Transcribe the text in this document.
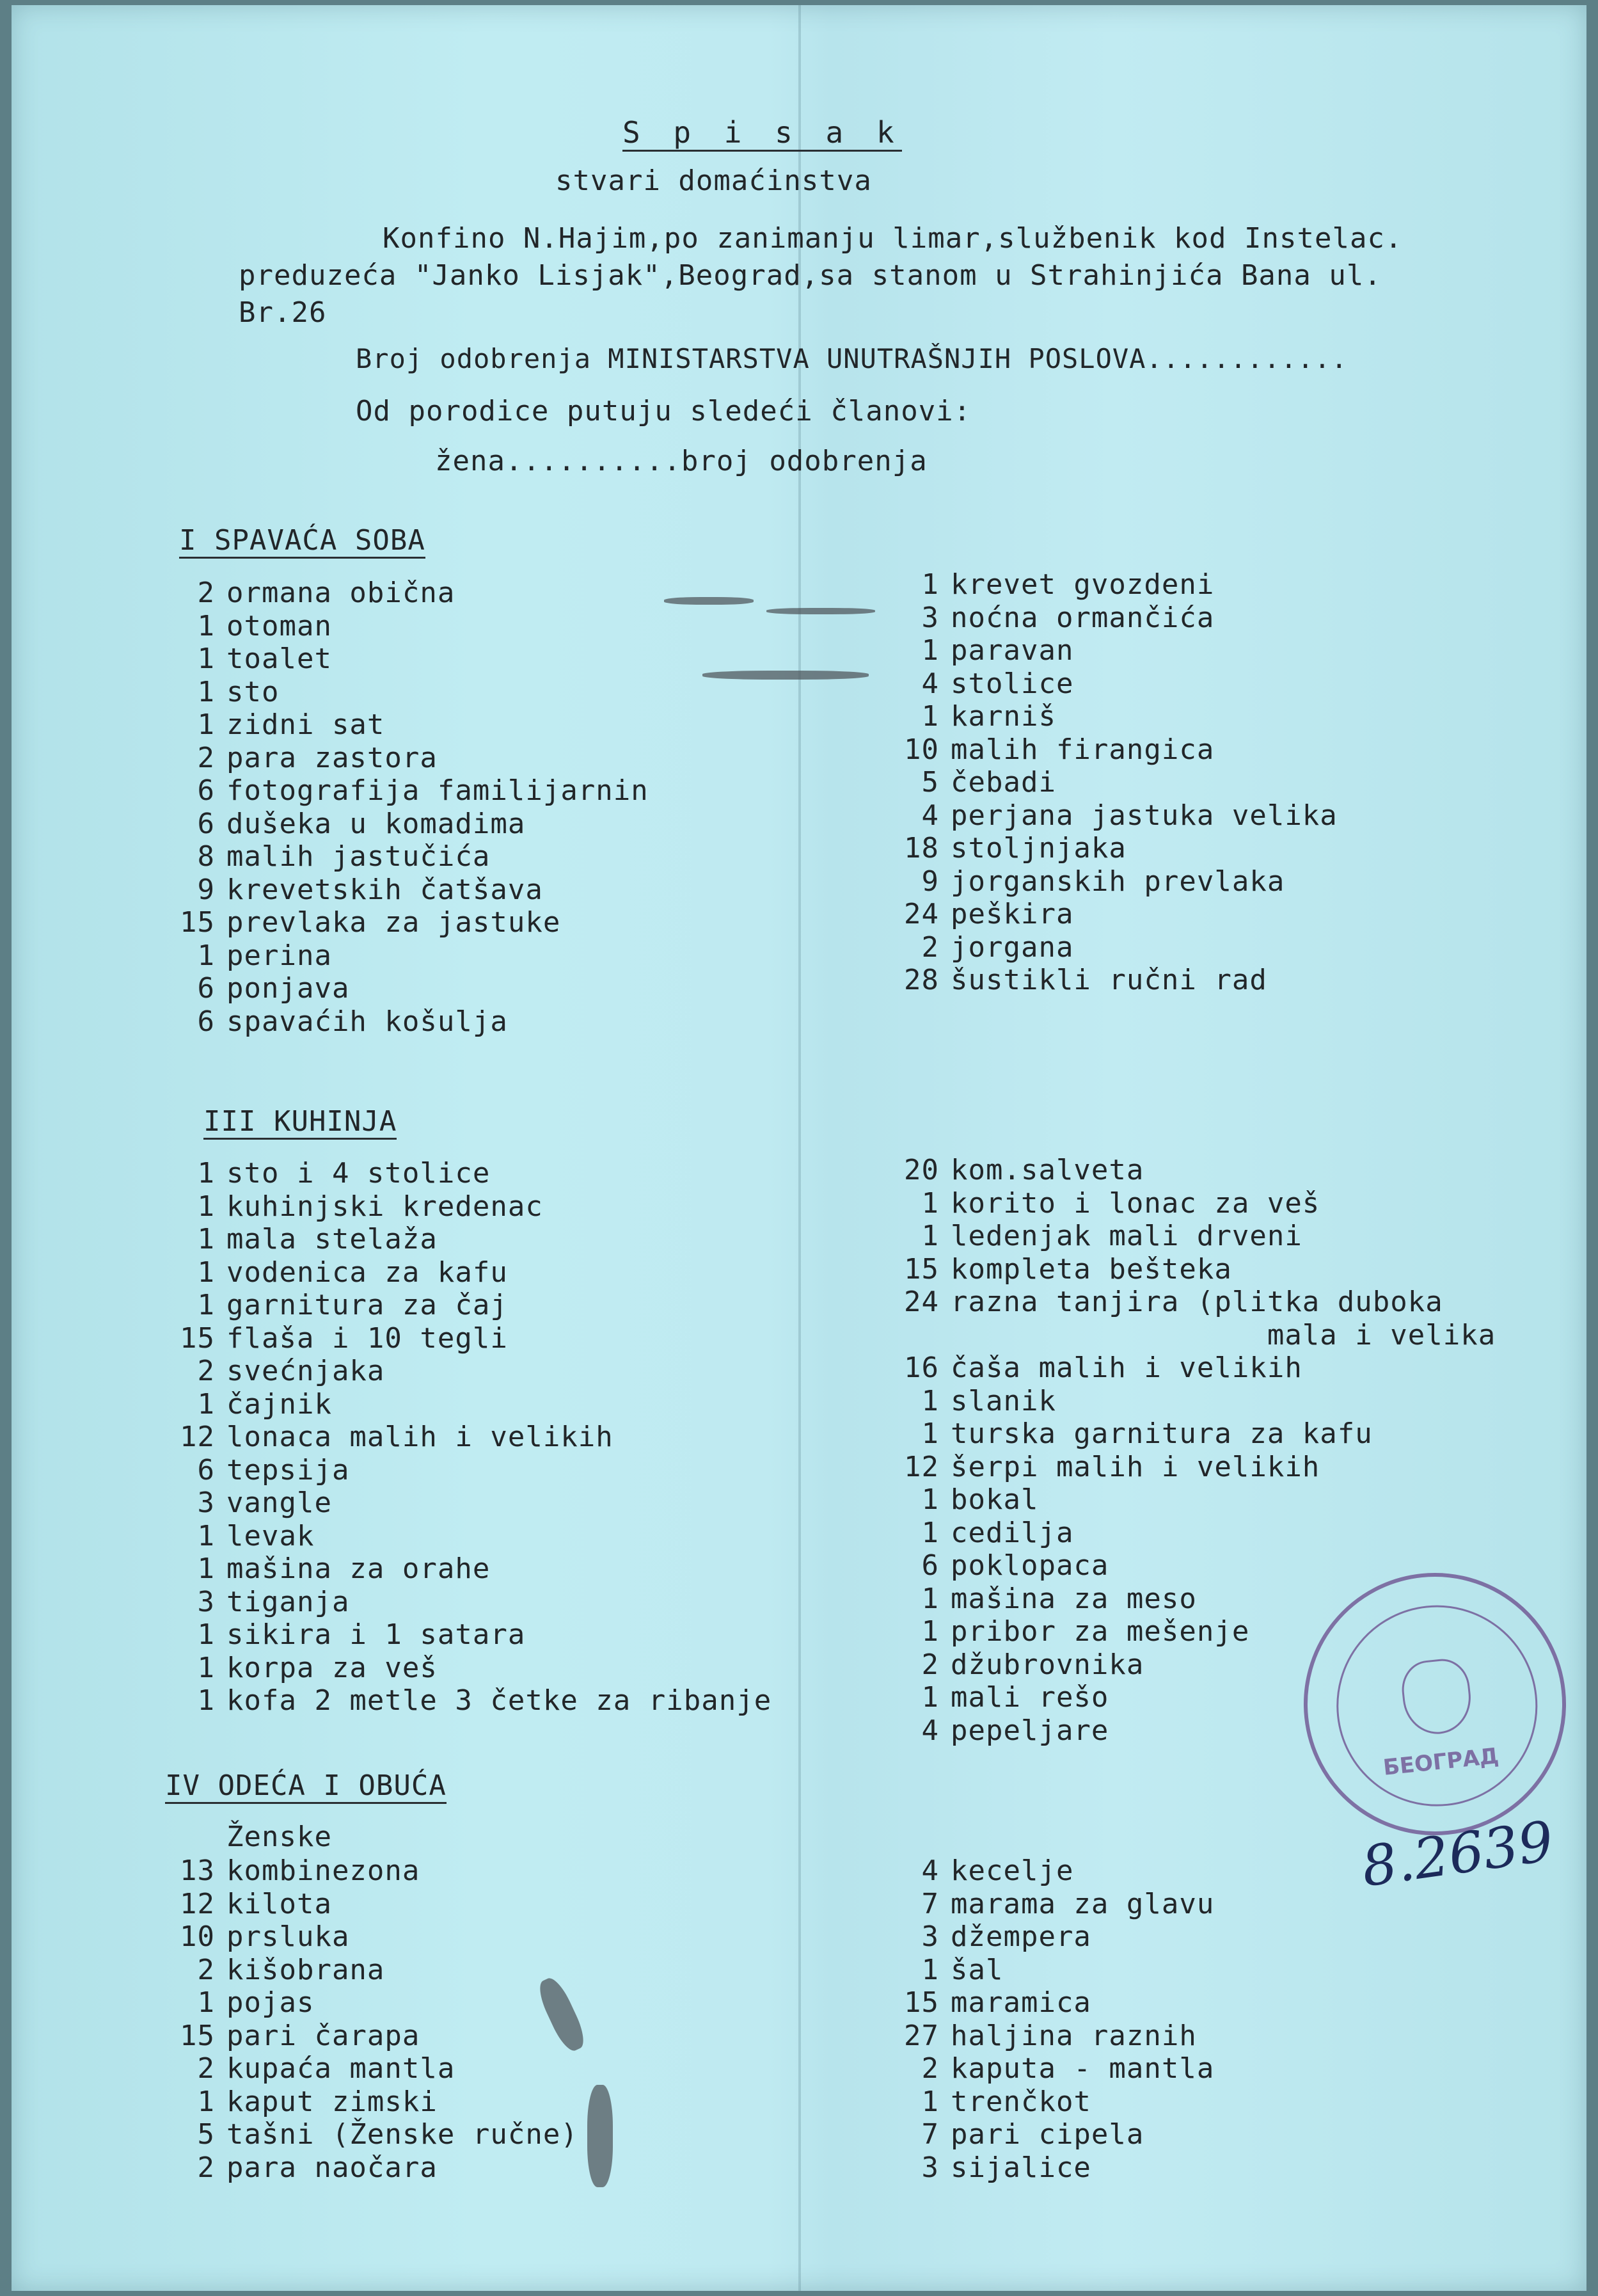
S p i s a k
stvari domaćinstva
Konfino N.Hajim,po zanimanju limar,službenik kod Instelac.
preduzeća "Janko Lisjak",Beograd,sa stanom u Strahinjića Bana ul.
Br.26
Broj odobrenja MINISTARSTVA UNUTRAŠNJIH POSLOVA............
Od porodice putuju sledeći članovi:
žena..........broj odobrenja
I SPAVAĆA SOBA
2 ormana obična
1 otoman
1 toalet
1 sto
1 zidni sat
2 para zastora
6 fotografija familijarnin
6 dušeka u komadima
8 malih jastučića
9 krevetskih čatšava
15 prevlaka za jastuke
1 perina
6 ponjava
6 spavaćih košulja
1 krevet gvozdeni
3 noćna ormančića
1 paravan
4 stolice
1 karniš
10 malih firangica
5 čebadi
4 perjana jastuka velika
18 stoljnjaka
9 jorganskih prevlaka
24 peškira
2 jorgana
28 šustikli ručni rad
III KUHINJA
1 sto i 4 stolice
1 kuhinjski kredenac
1 mala stelaža
1 vodenica za kafu
1 garnitura za čaj
15 flaša i 10 tegli
2 svećnjaka
1 čajnik
12 lonaca malih i velikih
6 tepsija
3 vangle
1 levak
1 mašina za orahe
3 tiganja
1 sikira i 1 satara
1 korpa za veš
1 kofa 2 metle 3 četke za ribanje
20 kom.salveta
1 korito i lonac za veš
1 ledenjak mali drveni
15 kompleta bešteka
24 razna tanjira (plitka duboka
mala i velika
16 čaša malih i velikih
1 slanik
1 turska garnitura za kafu
12 šerpi malih i velikih
1 bokal
1 cedilja
6 poklopaca
1 mašina za meso
1 pribor za mešenje
2 džubrovnika
1 mali rešo
4 pepeljare
IV ODEĆA I OBUĆA
Ženske
13 kombinezona
12 kilota
10 prsluka
2 kišobrana
1 pojas
15 pari čarapa
2 kupaća mantla
1 kaput zimski
5 tašni (Ženske ručne)
2 para naočara
4 kecelje
7 marama za glavu
3 džempera
1 šal
15 maramica
27 haljina raznih
2 kaputa - mantla
1 trenčkot
7 pari cipela
3 sijalice
БЕОГРАД
8.2639
